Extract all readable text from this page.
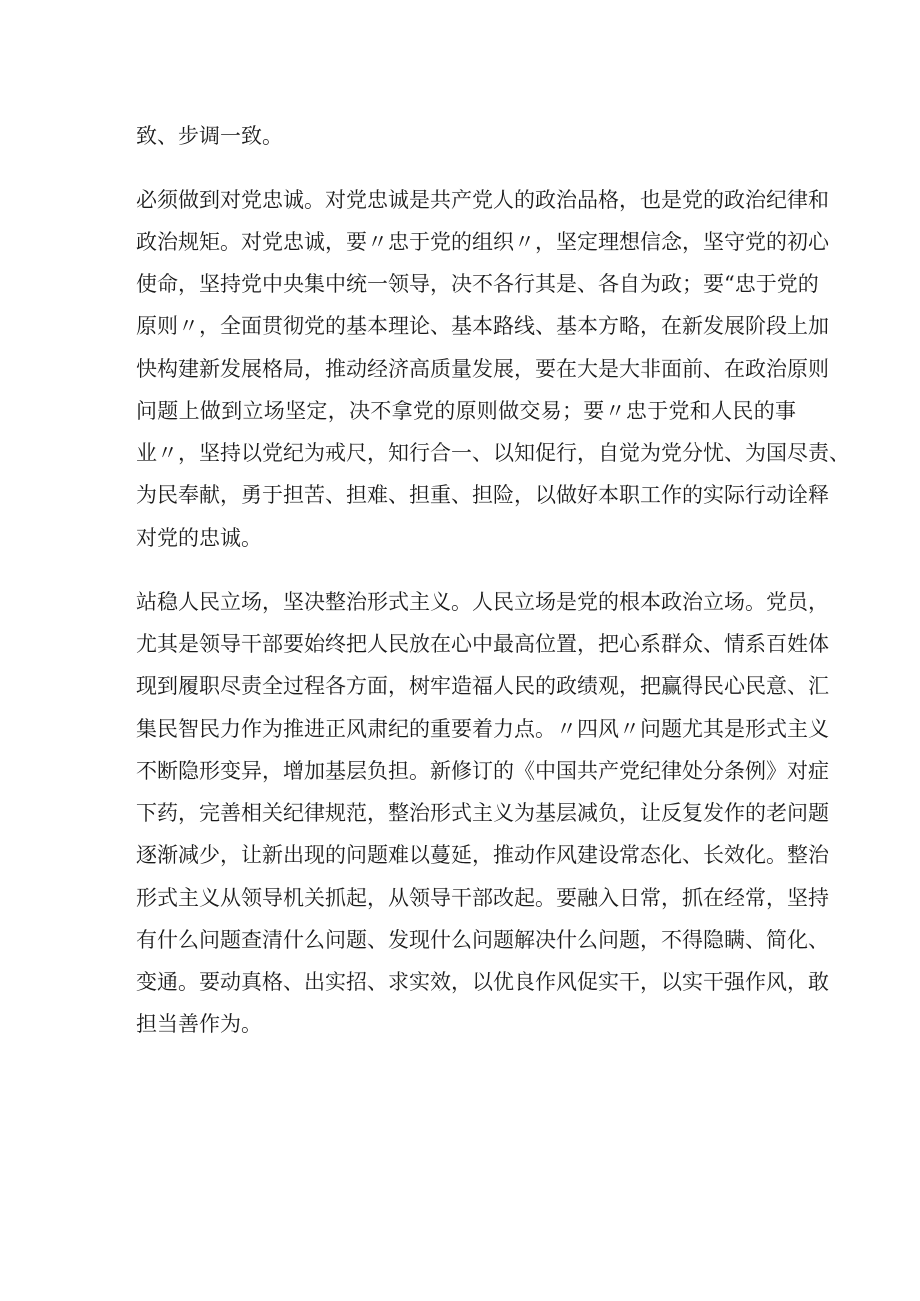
致、步调一致。
必须做到对党忠诚。对党忠诚是共产党人的政治品格，也是党的政治纪律和
政治规矩。对党忠诚，要〃忠于党的组织〃，坚定理想信念，坚守党的初心
使命，坚持党中央集中统一领导，决不各行其是、各自为政；要“忠于党的
原则〃，全面贯彻党的基本理论、基本路线、基本方略，在新发展阶段上加
快构建新发展格局，推动经济高质量发展，要在大是大非面前、在政治原则
问题上做到立场坚定，决不拿党的原则做交易；要〃忠于党和人民的事
业〃，坚持以党纪为戒尺，知行合一、以知促行，自觉为党分忧、为国尽责、
为民奉献，勇于担苦、担难、担重、担险，以做好本职工作的实际行动诠释
对党的忠诚。
站稳人民立场，坚决整治形式主义。人民立场是党的根本政治立场。党员，
尤其是领导干部要始终把人民放在心中最高位置，把心系群众、情系百姓体
现到履职尽责全过程各方面，树牢造福人民的政绩观，把赢得民心民意、汇
集民智民力作为推进正风肃纪的重要着力点。〃四风〃问题尤其是形式主义
不断隐形变异，增加基层负担。新修订的《中国共产党纪律处分条例》对症
下药，完善相关纪律规范，整治形式主义为基层减负，让反复发作的老问题
逐渐减少，让新出现的问题难以蔓延，推动作风建设常态化、长效化。整治
形式主义从领导机关抓起，从领导干部改起。要融入日常，抓在经常，坚持
有什么问题查清什么问题、发现什么问题解决什么问题，不得隐瞒、简化、
变通。要动真格、出实招、求实效，以优良作风促实干，以实干强作风，敢
担当善作为。
